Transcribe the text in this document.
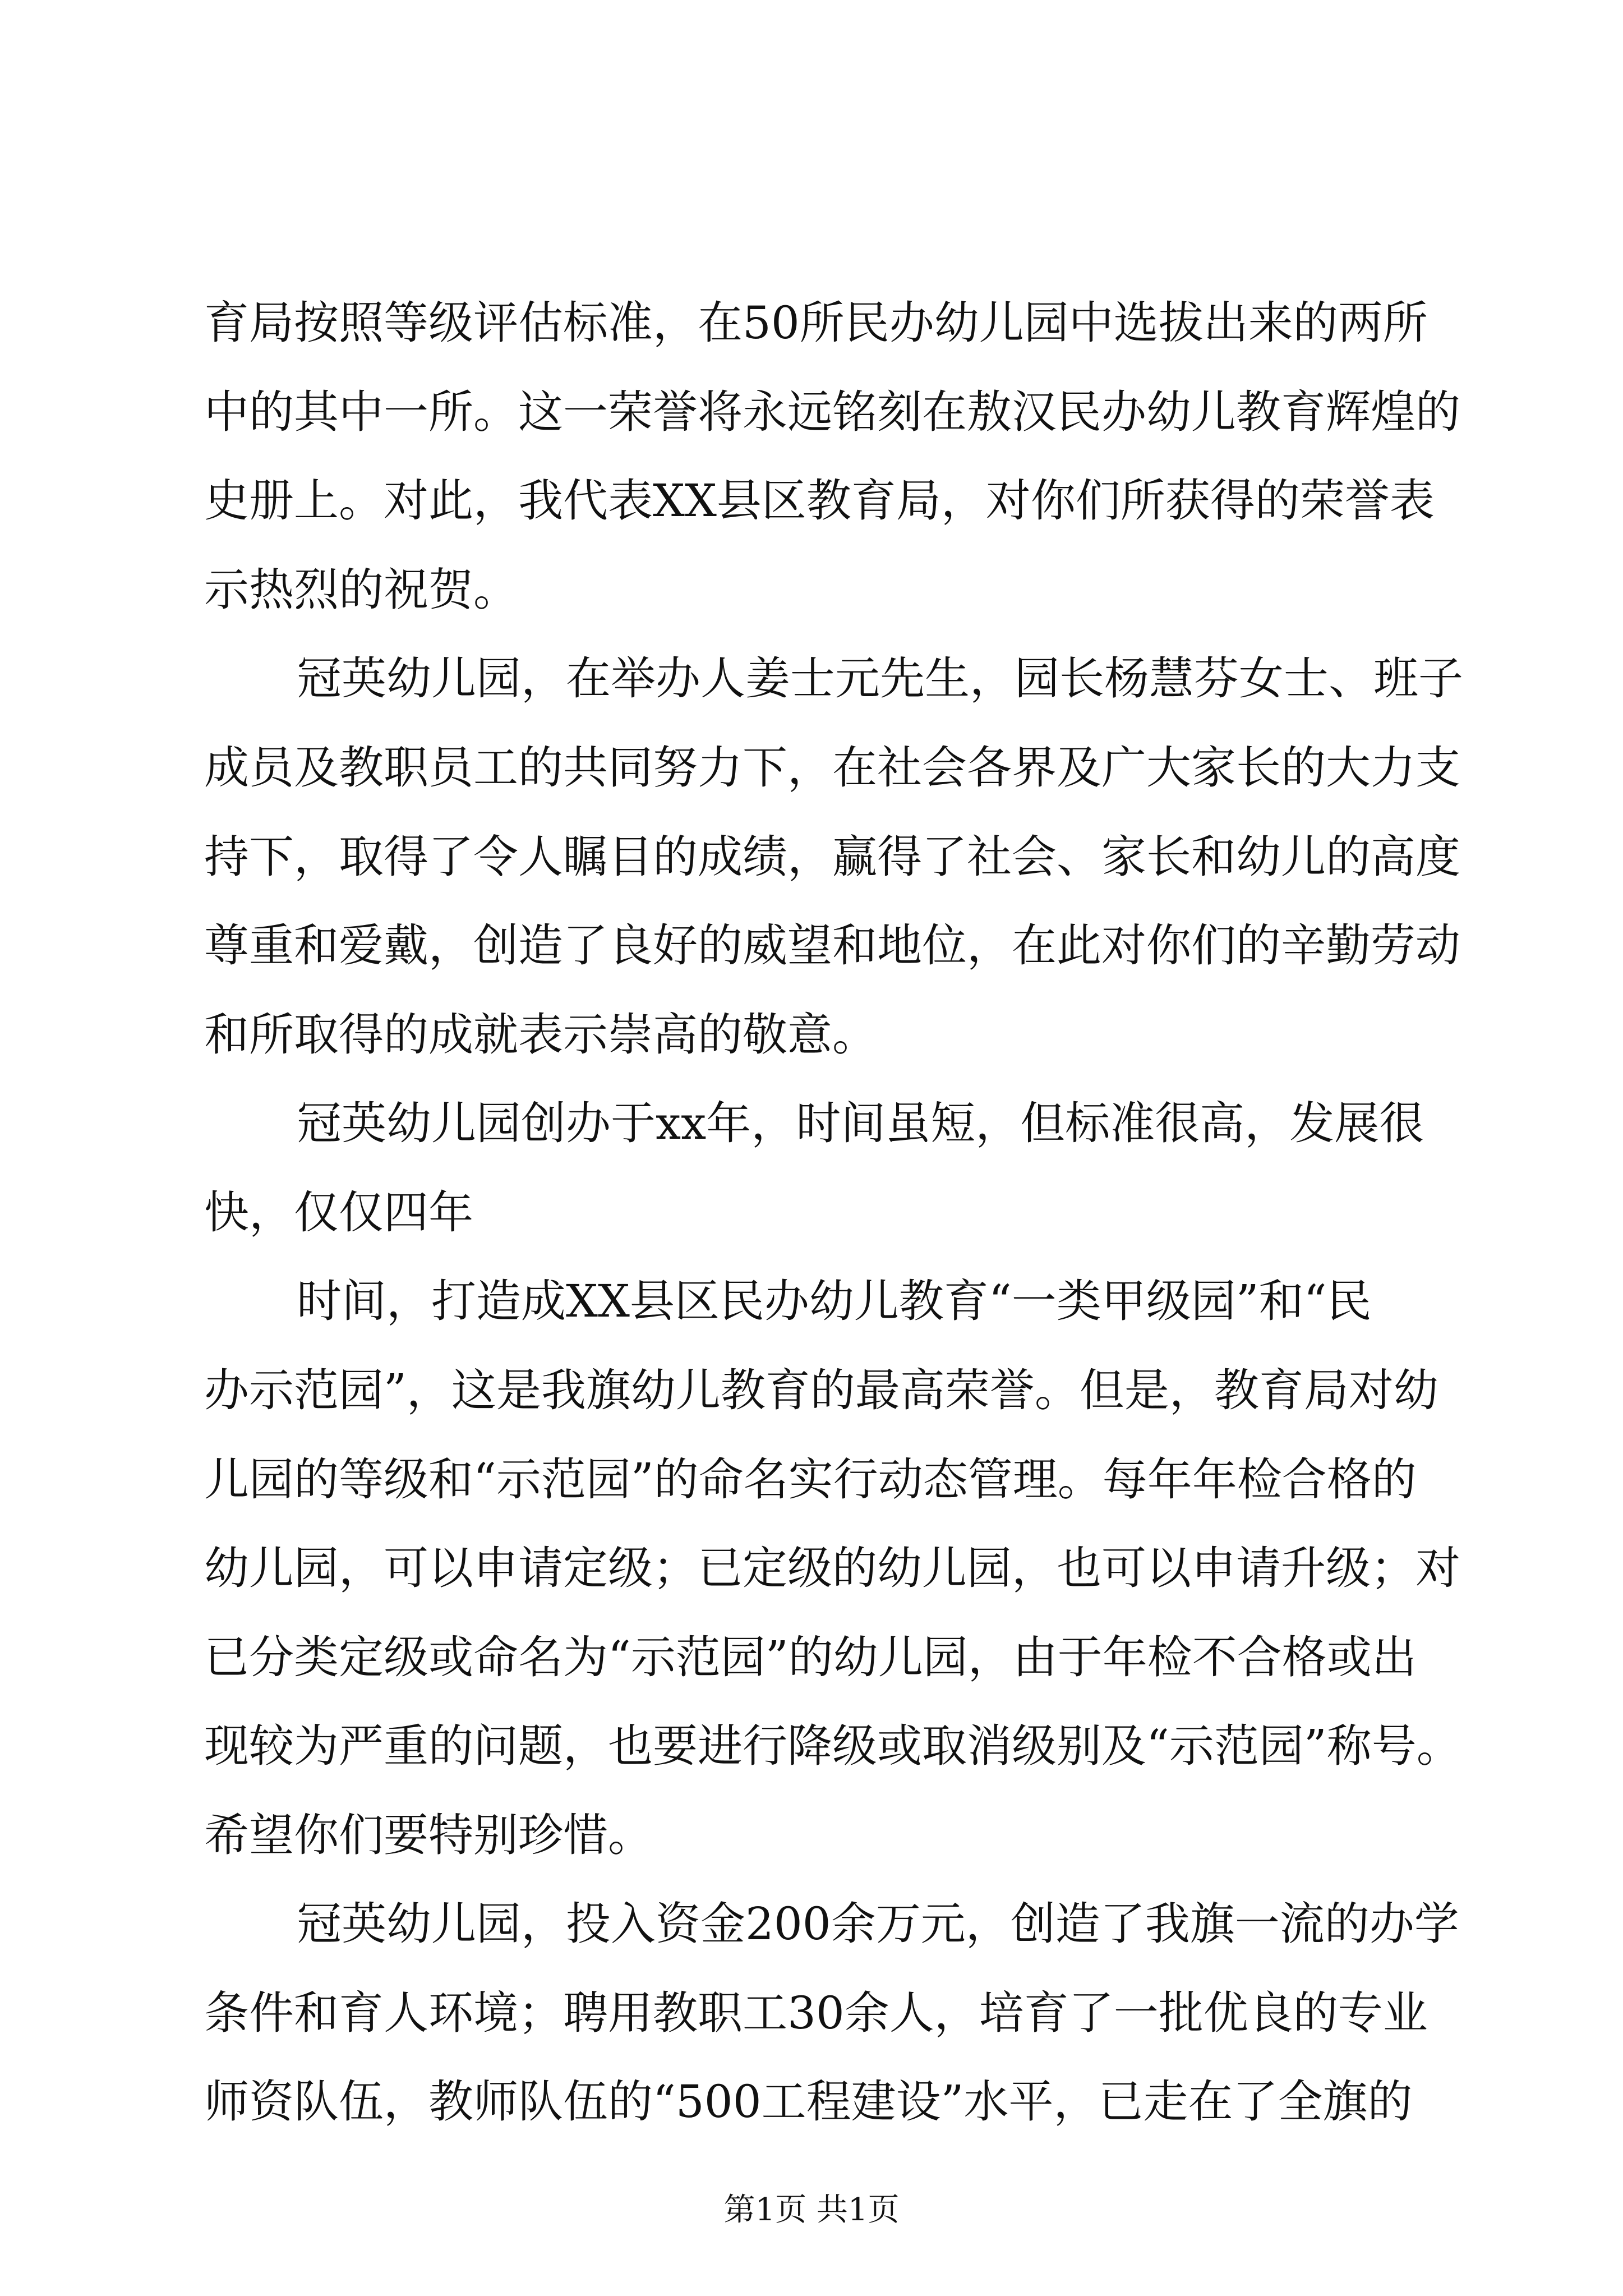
育局按照等级评估标准，在50所民办幼儿园中选拔出来的两所
中的其中一所。这一荣誉将永远铭刻在敖汉民办幼儿教育辉煌的
史册上。对此，我代表XX县区教育局，对你们所获得的荣誉表
示热烈的祝贺。
冠英幼儿园，在举办人姜士元先生，园长杨慧芬女士、班子
成员及教职员工的共同努力下，在社会各界及广大家长的大力支
持下，取得了令人瞩目的成绩，赢得了社会、家长和幼儿的高度
尊重和爱戴，创造了良好的威望和地位，在此对你们的辛勤劳动
和所取得的成就表示崇高的敬意。
冠英幼儿园创办于xx年，时间虽短，但标准很高，发展很
快，仅仅四年
时间，打造成XX县区民办幼儿教育“一类甲级园”和“民
办示范园”，这是我旗幼儿教育的最高荣誉。但是，教育局对幼
儿园的等级和“示范园”的命名实行动态管理。每年年检合格的
幼儿园，可以申请定级；已定级的幼儿园，也可以申请升级；对
已分类定级或命名为“示范园”的幼儿园，由于年检不合格或出
现较为严重的问题，也要进行降级或取消级别及“示范园”称号。
希望你们要特别珍惜。
冠英幼儿园，投入资金200余万元，创造了我旗一流的办学
条件和育人环境；聘用教职工30余人，培育了一批优良的专业
师资队伍，教师队伍的“500工程建设”水平，已走在了全旗的
第1页 共1页
